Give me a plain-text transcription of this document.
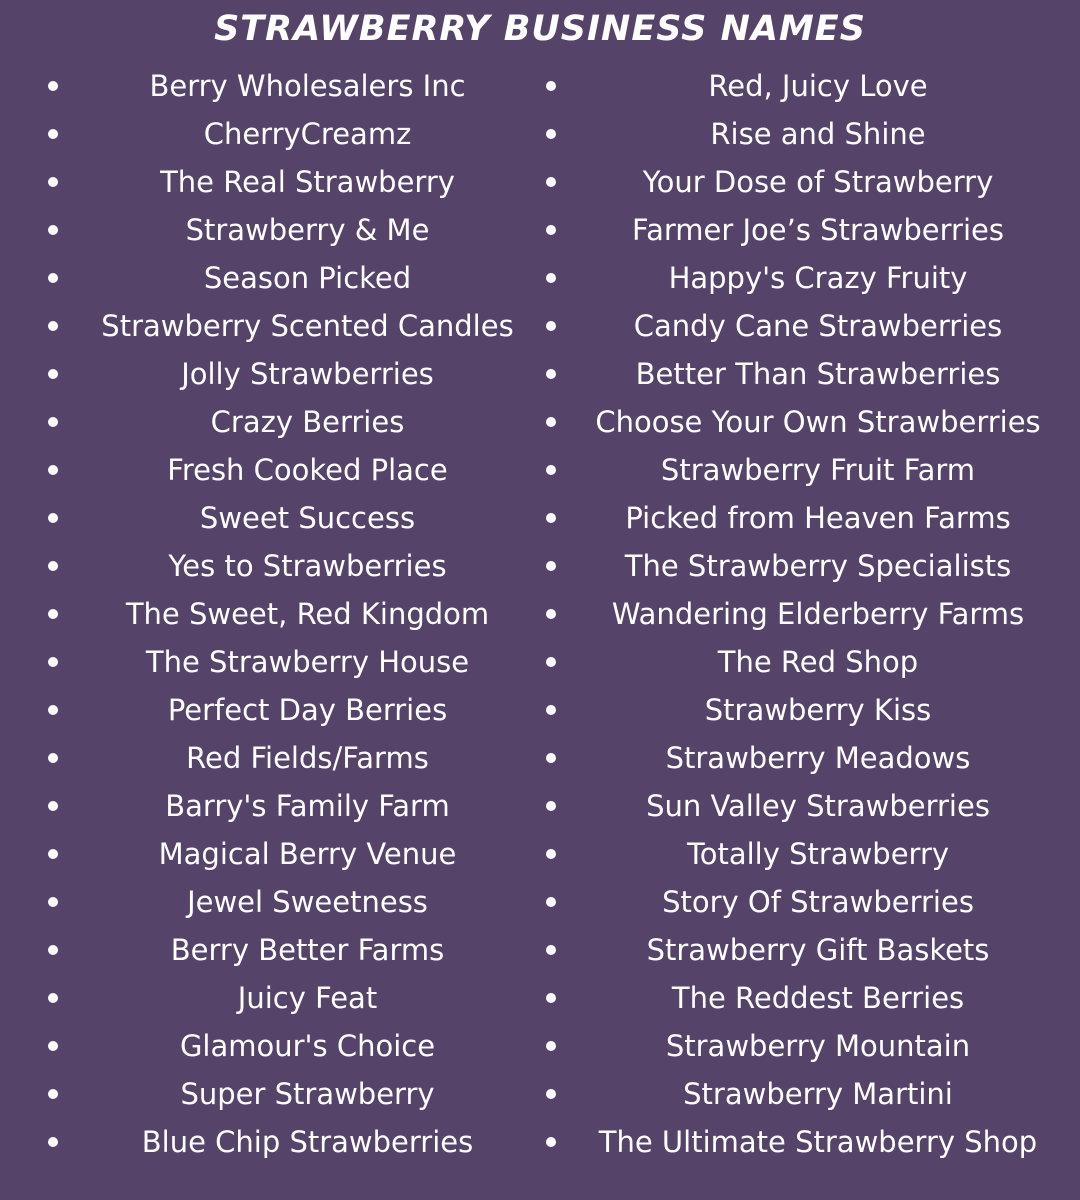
STRAWBERRY BUSINESS NAMES
Berry Wholesalers Inc
CherryCreamz
The Real Strawberry
Strawberry & Me
Season Picked
Strawberry Scented Candles
Jolly Strawberries
Crazy Berries
Fresh Cooked Place
Sweet Success
Yes to Strawberries
The Sweet, Red Kingdom
The Strawberry House
Perfect Day Berries
Red Fields/Farms
Barry's Family Farm
Magical Berry Venue
Jewel Sweetness
Berry Better Farms
Juicy Feat
Glamour's Choice
Super Strawberry
Blue Chip Strawberries
Red, Juicy Love
Rise and Shine
Your Dose of Strawberry
Farmer Joe’s Strawberries
Happy's Crazy Fruity
Candy Cane Strawberries
Better Than Strawberries
Choose Your Own Strawberries
Strawberry Fruit Farm
Picked from Heaven Farms
The Strawberry Specialists
Wandering Elderberry Farms
The Red Shop
Strawberry Kiss
Strawberry Meadows
Sun Valley Strawberries
Totally Strawberry
Story Of Strawberries
Strawberry Gift Baskets
The Reddest Berries
Strawberry Mountain
Strawberry Martini
The Ultimate Strawberry Shop
